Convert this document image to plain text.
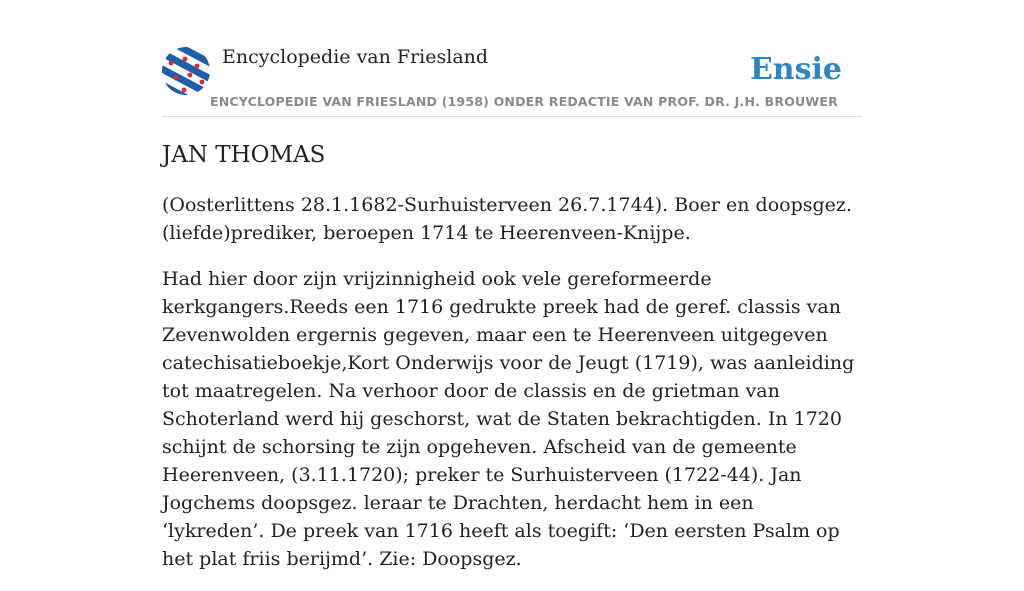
Encyclopedie van Friesland	Ensie
ENCYCLOPEDIE VAN FRIESLAND (1958) ONDER REDACTIE VAN PROF. DR. J.H. BROUWER
JAN THOMAS

(Oosterlittens 28.1.1682-Surhuisterveen 26.7.1744). Boer en doopsgez. (liefde)prediker, beroepen 1714 te Heerenveen-Knijpe.

Had hier door zijn vrijzinnigheid ook vele gereformeerde kerkgangers.Reeds een 1716 gedrukte preek had de geref. classis van Zevenwolden ergernis gegeven, maar een te Heerenveen uitgegeven catechisatieboekje,Kort Onderwijs voor de Jeugt (1719), was aanleiding tot maatregelen. Na verhoor door de classis en de grietman van Schoterland werd hij geschorst, wat de Staten bekrachtigden. In 1720 schijnt de schorsing te zijn opgeheven. Afscheid van de gemeente Heerenveen, (3.11.1720); preker te Surhuisterveen (1722-44). Jan Jogchems doopsgez. leraar te Drachten, herdacht hem in een ‘lykreden’. De preek van 1716 heeft als toegift: ‘Den eersten Psalm op het plat friis berijmd’. Zie: Doopsgez.
